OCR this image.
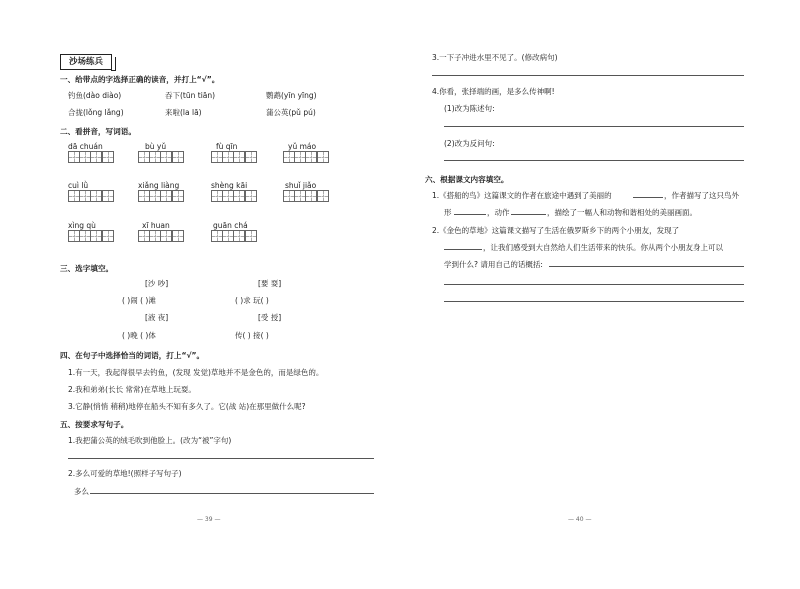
沙场练兵
一、给带点的字选择正确的读音，并打上“√”。
钓鱼(dào diào)	吞下(tūn tiān)	鹦鹉(yīn yīng)
合拢(lǒng lǎng)	来啦(la lā)	蒲公英(pǔ pú)
二、看拼音，写词语。
dā chuán	bù yǔ	fù qīn	yǔ máo
cuì lǜ	xiǎng liàng	shèng kāi	shuǐ jiǎo
xìng qù	xī huan	guān chá
三、选字填空。
[沙 吵]	[要 耍]
( )闹 ( )滩	( )求 玩( )
[液 夜]	[受 授]
( )晚 ( )体	传( ) 接( )
四、在句子中选择恰当的词语，打上“√”。
1.有一天，我起得很早去钓鱼，(发现 发觉)草地并不是金色的，而是绿色的。
2.我和弟弟(长长 常常)在草地上玩耍。
3.它静(悄悄 稍稍)地停在船头不知有多久了。它(战 站)在那里做什么呢?
五、按要求写句子。
1.我把蒲公英的绒毛吹到他脸上。(改为“被”字句)
2.多么可爱的草地!(照样子写句子)
多么
— 39 —
3.一下子冲进水里不见了。(修改病句)
4.你看，张择端的画，是多么传神啊!
(1)改为陈述句:
(2)改为反问句:
六、根据课文内容填空。
1.《搭船的鸟》这篇课文的作者在旅途中遇到了美丽的	，作者描写了这只鸟外
形	，动作	，描绘了一幅人和动物和谐相处的美丽画面。
2.《金色的草地》这篇课文描写了生活在俄罗斯乡下的两个小朋友，发现了
，让我们感受到大自然给人们生活带来的快乐。你从两个小朋友身上可以
学到什么? 请用自己的话概括:
— 40 —
